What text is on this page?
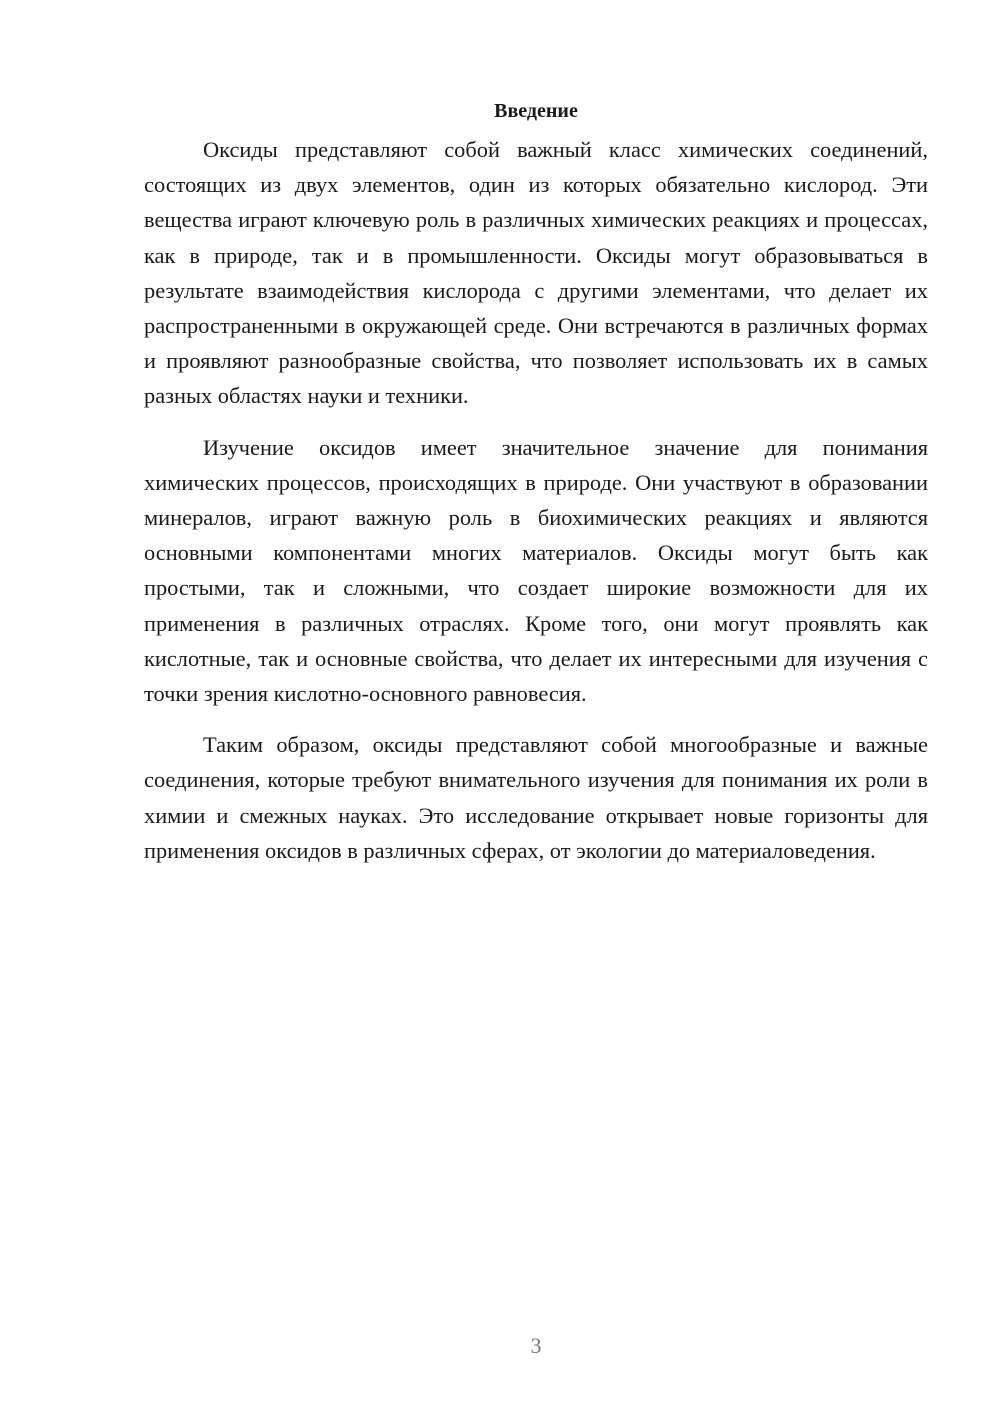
Введение

Оксиды представляют собой важный класс химических соединений, состоящих из двух элементов, один из которых обязательно кислород. Эти вещества играют ключевую роль в различных химических реакциях и процессах, как в природе, так и в промышленности. Оксиды могут образовываться в результате взаимодействия кислорода с другими элементами, что делает их распространенными в окружающей среде. Они встречаются в различных формах и проявляют разнообразные свойства, что позволяет использовать их в самых разных областях науки и техники.

Изучение оксидов имеет значительное значение для понимания химических процессов, происходящих в природе. Они участвуют в образовании минералов, играют важную роль в биохимических реакциях и являются основными компонентами многих материалов. Оксиды могут быть как простыми, так и сложными, что создает широкие возможности для их применения в различных отраслях. Кроме того, они могут проявлять как кислотные, так и основные свойства, что делает их интересными для изучения с точки зрения кислотно-основного равновесия.

Таким образом, оксиды представляют собой многообразные и важные соединения, которые требуют внимательного изучения для понимания их роли в химии и смежных науках. Это исследование открывает новые горизонты для применения оксидов в различных сферах, от экологии до материаловедения.

3
